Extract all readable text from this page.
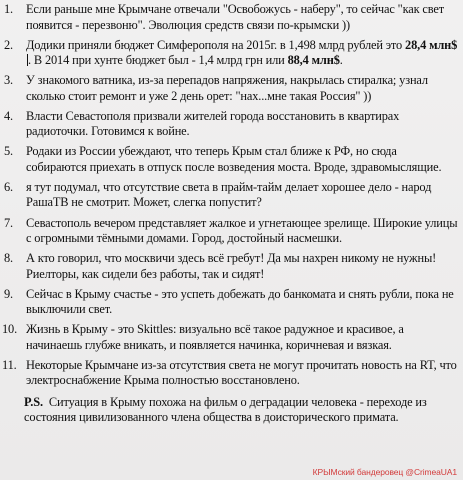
1.	Если раньше мне Крымчане отвечали "Освобожусь - наберу", то сейчас "как свет появится - перезвоню". Эволюция средств связи по-крымски ))
2.	Додики приняли бюджет Симферополя на 2015г. в 1,498 млрд рублей это 28,4 млн$. В 2014 при хунте бюджет был - 1,4 млрд грн или 88,4 млн$.
3.	У знакомого ватника, из-за перепадов напряжения, накрылась стиралка; узнал сколько стоит ремонт и уже 2 день орет: "нах...мне такая Россия" ))
4.	Власти Севастополя призвали жителей города восстановить в квартирах радиоточки. Готовимся к войне.
5.	Родаки из России убеждают, что теперь Крым стал ближе к РФ, но сюда собираются приехать в отпуск после возведения моста. Вроде, здравомыслящие.
6.	я тут подумал, что отсутствие света в прайм-тайм делает хорошее дело - народ РашаТВ не смотрит. Может, слегка попустит?
7.	Севастополь вечером представляет жалкое и угнетающее зрелище. Широкие улицы с огромными тёмными домами. Город, достойный насмешки.
8.	А кто говорил, что москвичи здесь всё гребут! Да мы нахрен никому не нужны! Риелторы, как сидели без работы, так и сидят!
9.	Сейчас в Крыму счастье - это успеть добежать до банкомата и снять рубли, пока не выключили свет.
10. Жизнь в Крыму - это Skittles: визуально всё такое радужное и красивое, а начинаешь глубже вникать, и появляется начинка, коричневая и вязкая.
11. Некоторые Крымчане из-за отсутствия света не могут прочитать новость на RT, что электроснабжение Крыма полностью восстановлено.
P.S. Ситуация в Крыму похожа на фильм о деградации человека - переходе из состояния цивилизованного члена общества в доисторического примата.
КРЫМский бандеровец @CrimeaUA1
